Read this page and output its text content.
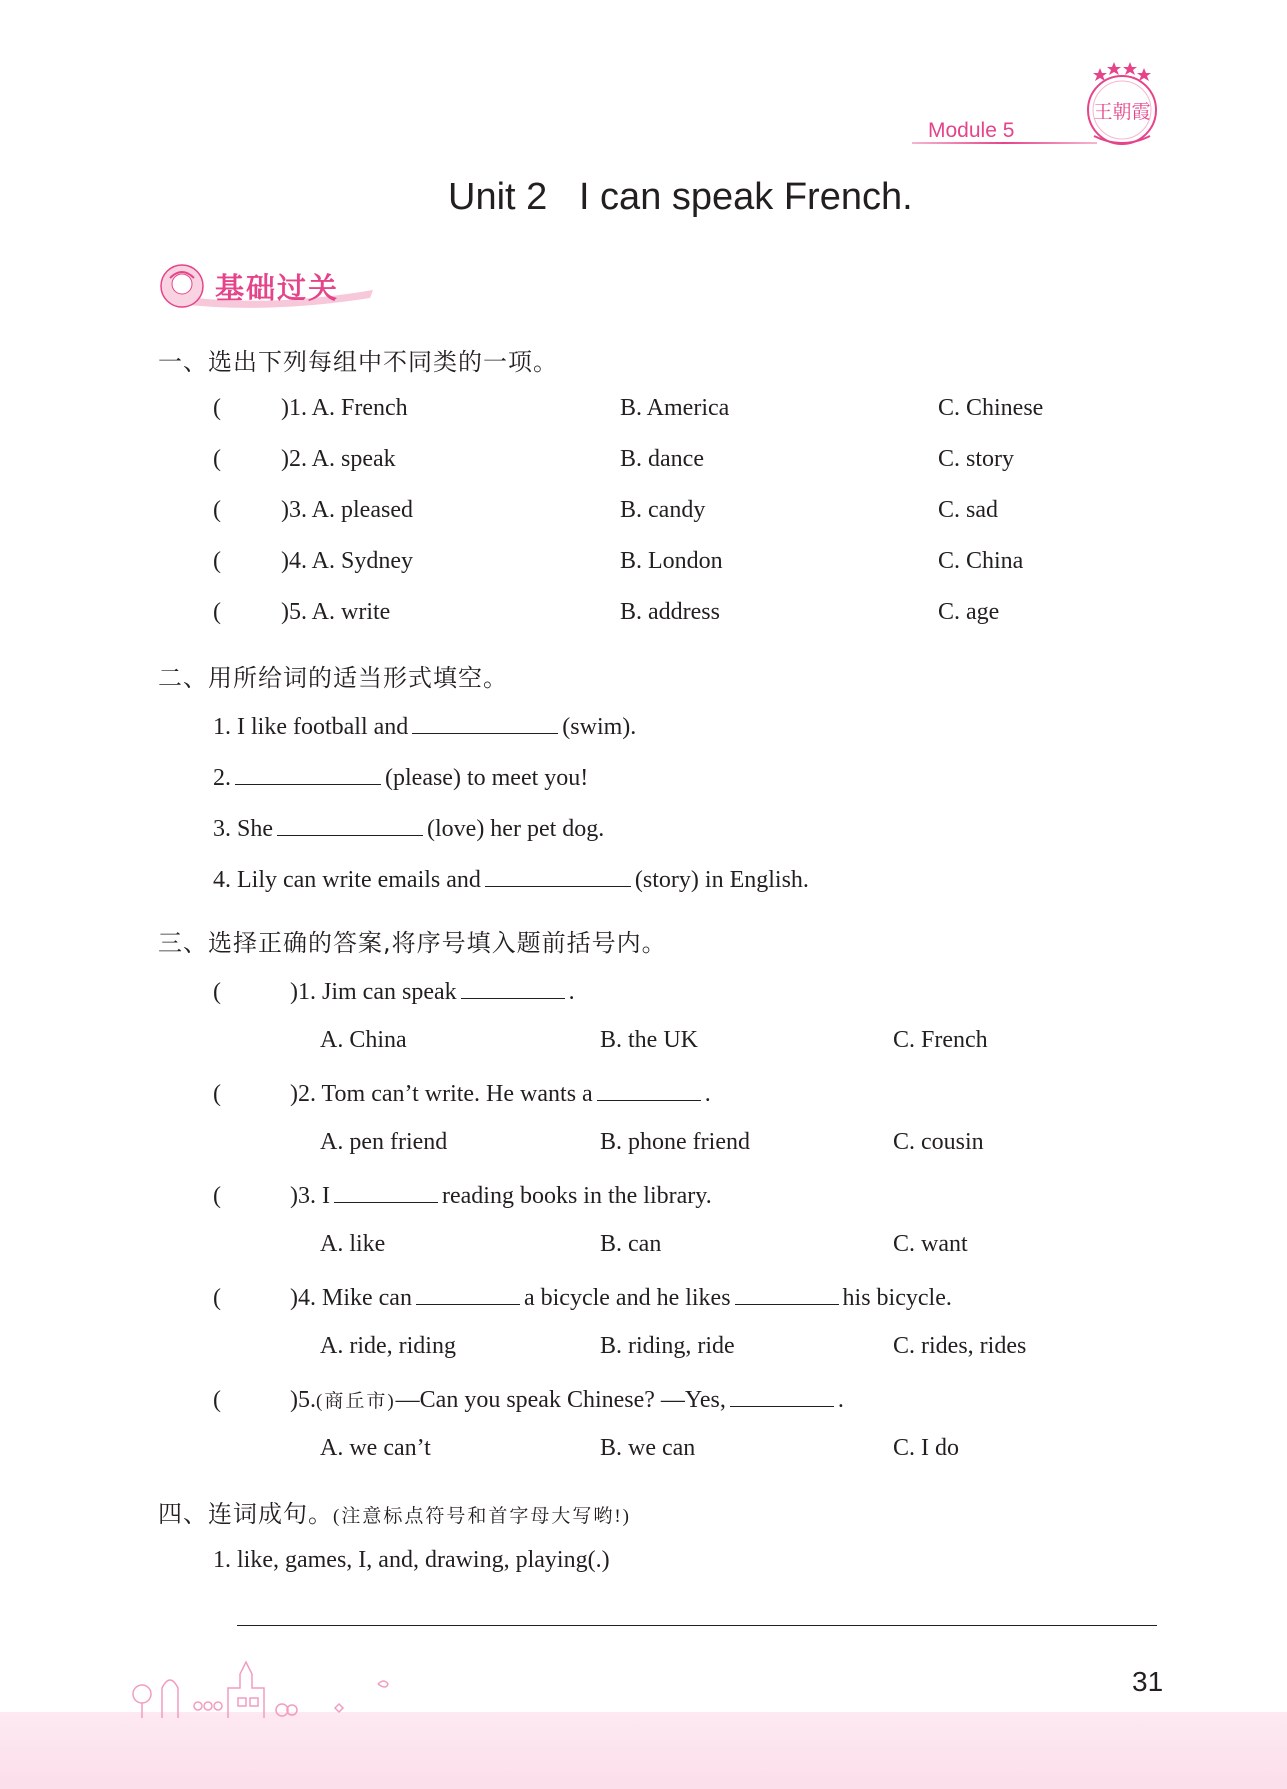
Module 5
王朝霞
Unit 2   I can speak French.
基础过关
一、选出下列每组中不同类的一项。
(	)1. A. French	B. America	C. Chinese
(	)2. A. speak	B. dance	C. story
(	)3. A. pleased	B. candy	C. sad
(	)4. A. Sydney	B. London	C. China
(	)5. A. write	B. address	C. age
二、用所给词的适当形式填空。
1. I like football and	(swim).
2.	(please) to meet you!
3. She	(love) her pet dog.
4. Lily can write emails and	(story) in English.
三、选择正确的答案,将序号填入题前括号内。
(	)1. Jim can speak	.
A. China	B. the UK	C. French
(	)2. Tom can’t write. He wants a	.
A. pen friend	B. phone friend	C. cousin
(	)3. I	reading books in the library.
A. like	B. can	C. want
(	)4. Mike can	a bicycle and he likes	his bicycle.
A. ride, riding	B. riding, ride	C. rides, rides
(	)5.(商丘市)—Can you speak Chinese? —Yes,	.
A. we can’t	B. we can	C. I do
四、连词成句。(注意标点符号和首字母大写哟!)
1. like, games, I, and, drawing, playing(.)
31
